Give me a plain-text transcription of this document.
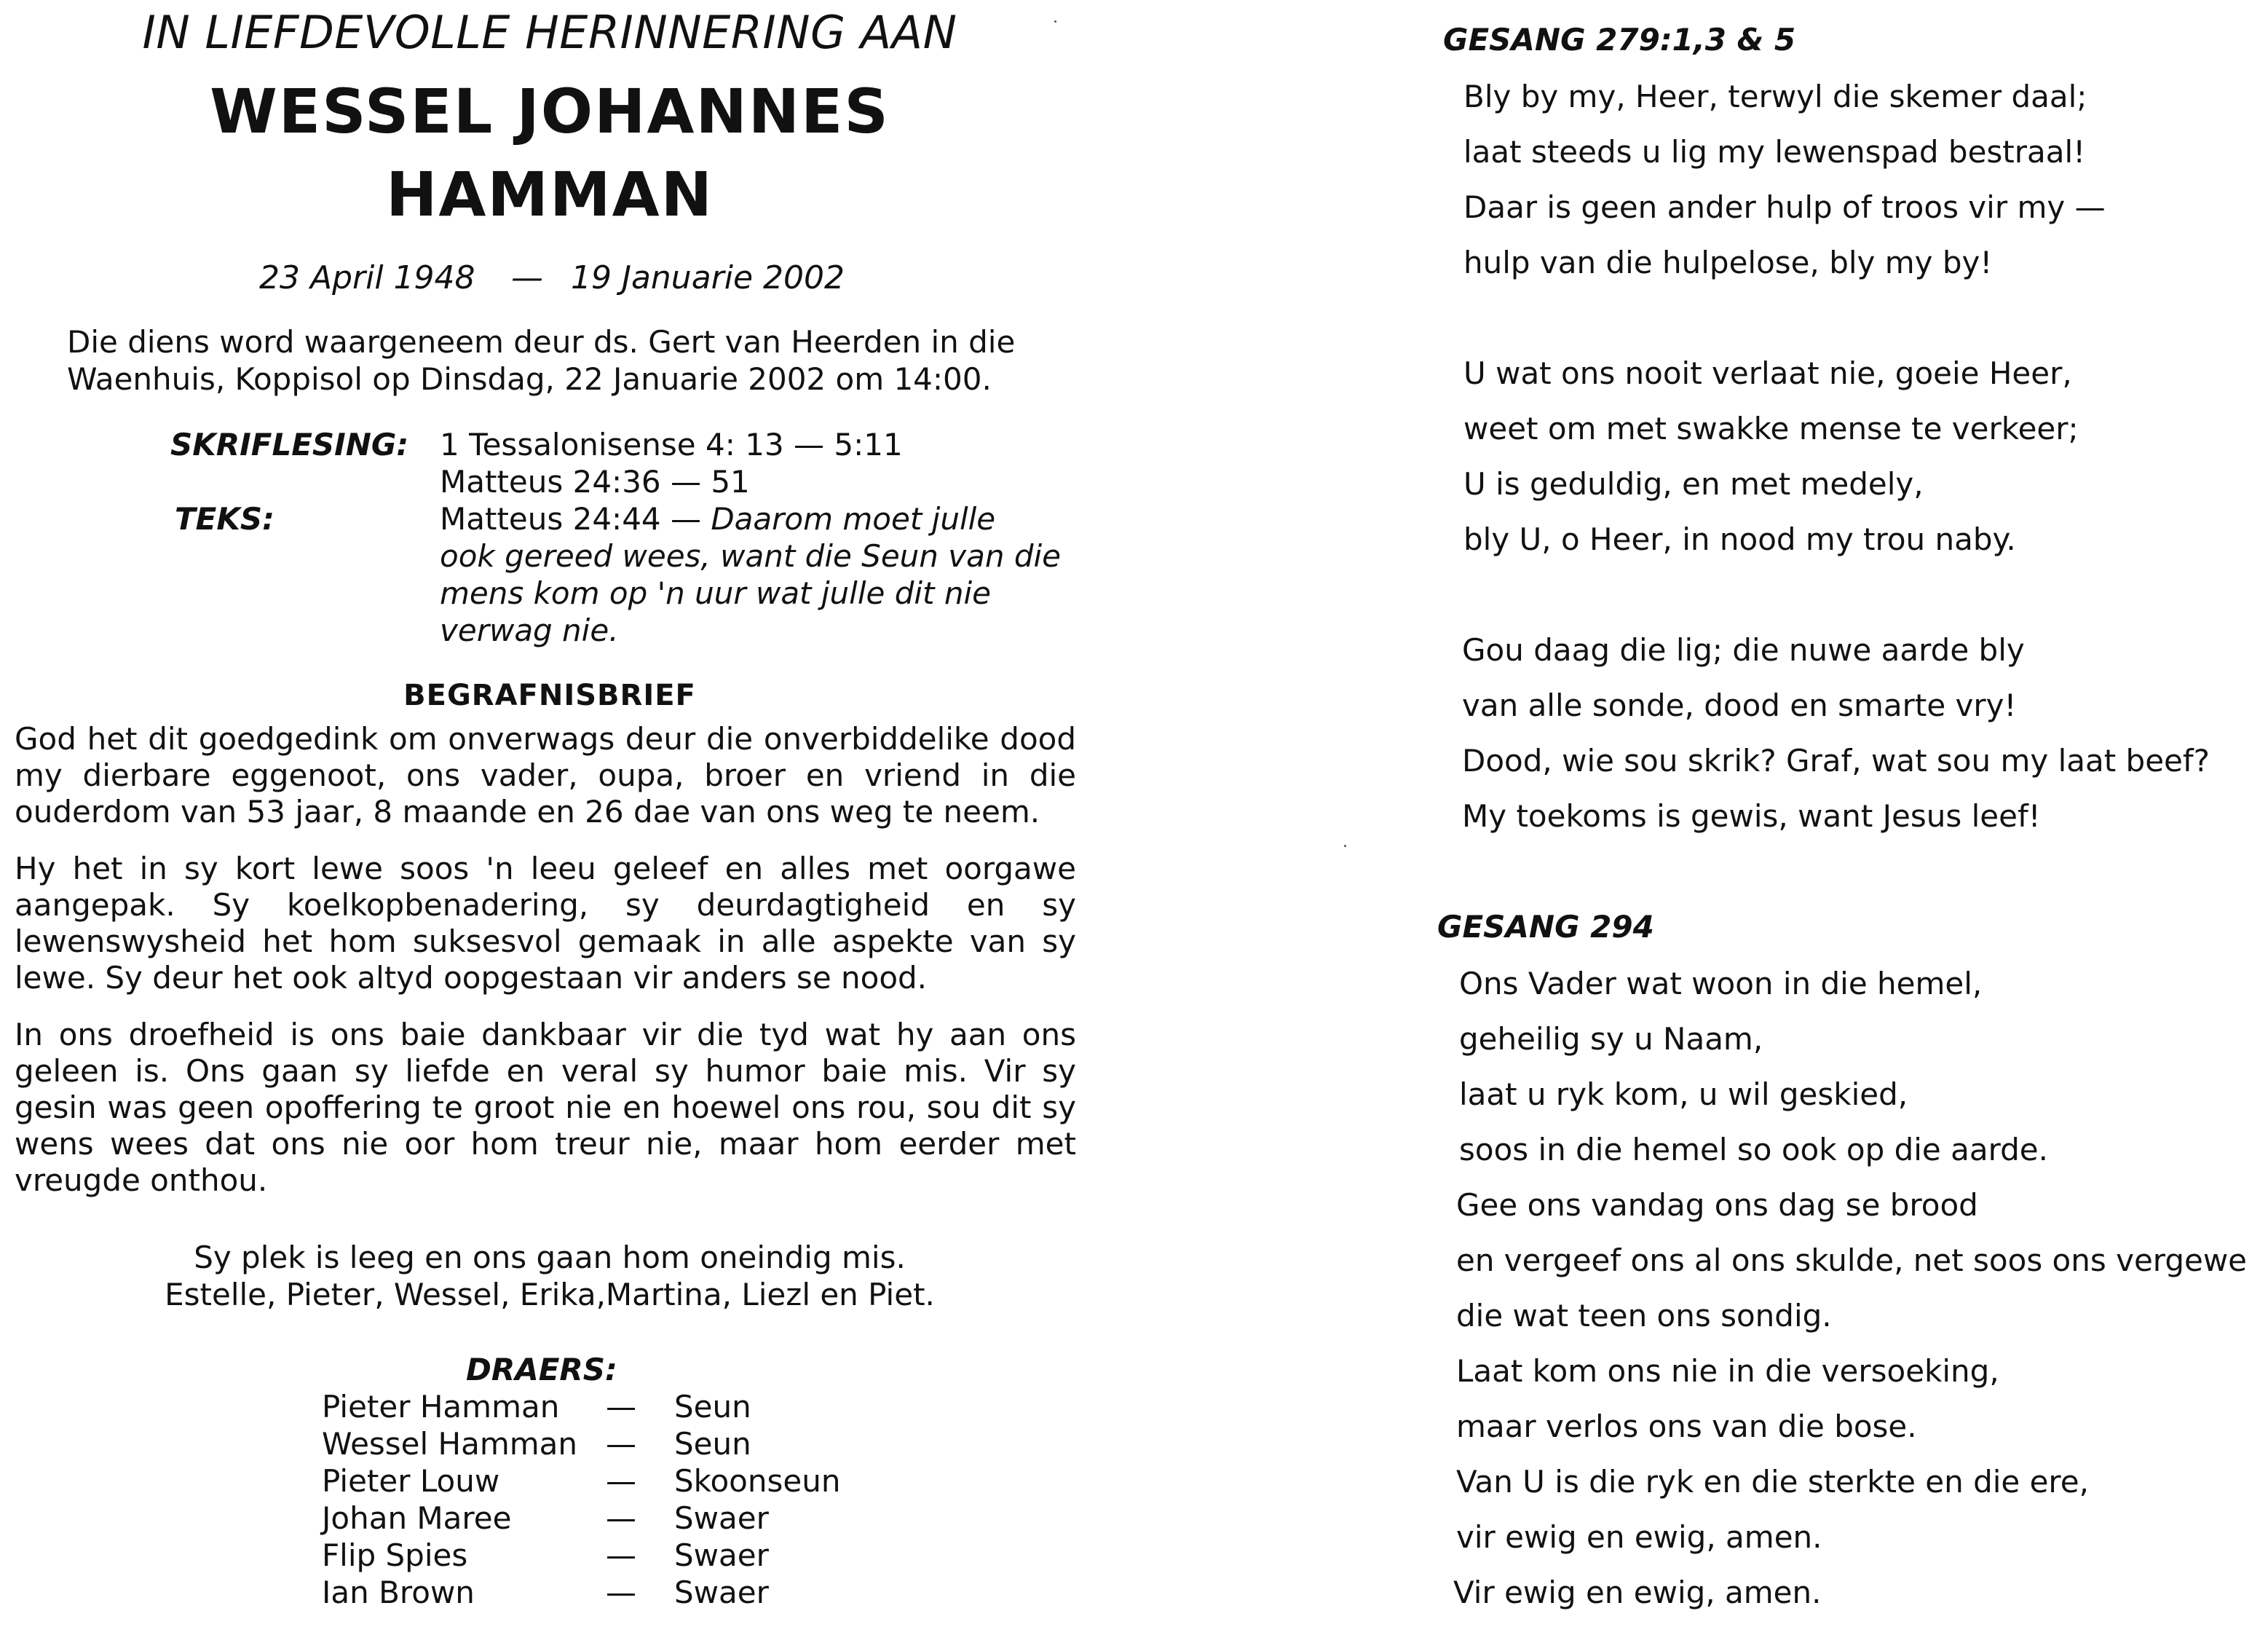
IN LIEFDEVOLLE HERINNERING AAN
WESSEL JOHANNES
HAMMAN
23 April 1948 — 19 Januarie 2002
Die diens word waargeneem deur ds. Gert van Heerden in die
Waenhuis, Koppisol op Dinsdag, 22 Januarie 2002 om 14:00.
SKRIFLESING: 1 Tessalonisense 4: 13 — 5:11
Matteus 24:36 — 51
TEKS:	Matteus 24:44 — Daarom moet julle
ook gereed wees, want die Seun van die
mens kom op 'n uur wat julle dit nie
verwag nie.
BEGRAFNISBRIEF

God het dit goedgedink om onverwags deur die onverbiddelike dood my dierbare eggenoot, ons vader, oupa, broer en vriend in die ouderdom van 53 jaar, 8 maande en 26 dae van ons weg te neem.

Hy het in sy kort lewe soos 'n leeu geleef en alles met oorgawe aangepak. Sy koelkopbenadering, sy deurdagtigheid en sy lewenswysheid het hom suksesvol gemaak in alle aspekte van sy lewe. Sy deur het ook altyd oopgestaan vir anders se nood.

In ons droefheid is ons baie dankbaar vir die tyd wat hy aan ons geleen is. Ons gaan sy liefde en veral sy humor baie mis. Vir sy gesin was geen opoffering te groot nie en hoewel ons rou, sou dit sy wens wees dat ons nie oor hom treur nie, maar hom eerder met vreugde onthou.

Sy plek is leeg en ons gaan hom oneindig mis.
Estelle, Pieter, Wessel, Erika,Martina, Liezl en Piet.
DRAERS:
Pieter Hamman — Seun
Wessel Hamman — Seun
Pieter Louw	— Skoonseun
Johan Maree	— Swaer
Flip Spies	— Swaer
Ian Brown	— Swaer
GESANG 279:1,3 & 5
Bly by my, Heer, terwyl die skemer daal;
laat steeds u lig my lewenspad bestraal!
Daar is geen ander hulp of troos vir my —
hulp van die hulpelose, bly my by!
U wat ons nooit verlaat nie, goeie Heer,
weet om met swakke mense te verkeer;
U is geduldig, en met medely,
bly U, o Heer, in nood my trou naby.
Gou daag die lig; die nuwe aarde bly
van alle sonde, dood en smarte vry!
Dood, wie sou skrik? Graf, wat sou my laat beef?
My toekoms is gewis, want Jesus leef!
GESANG 294
Ons Vader wat woon in die hemel,
geheilig sy u Naam,
laat u ryk kom, u wil geskied,
soos in die hemel so ook op die aarde.
Gee ons vandag ons dag se brood
en vergeef ons al ons skulde, net soos ons vergewe
die wat teen ons sondig.
Laat kom ons nie in die versoeking,
maar verlos ons van die bose.
Van U is die ryk en die sterkte en die ere,
vir ewig en ewig, amen.
Vir ewig en ewig, amen.
